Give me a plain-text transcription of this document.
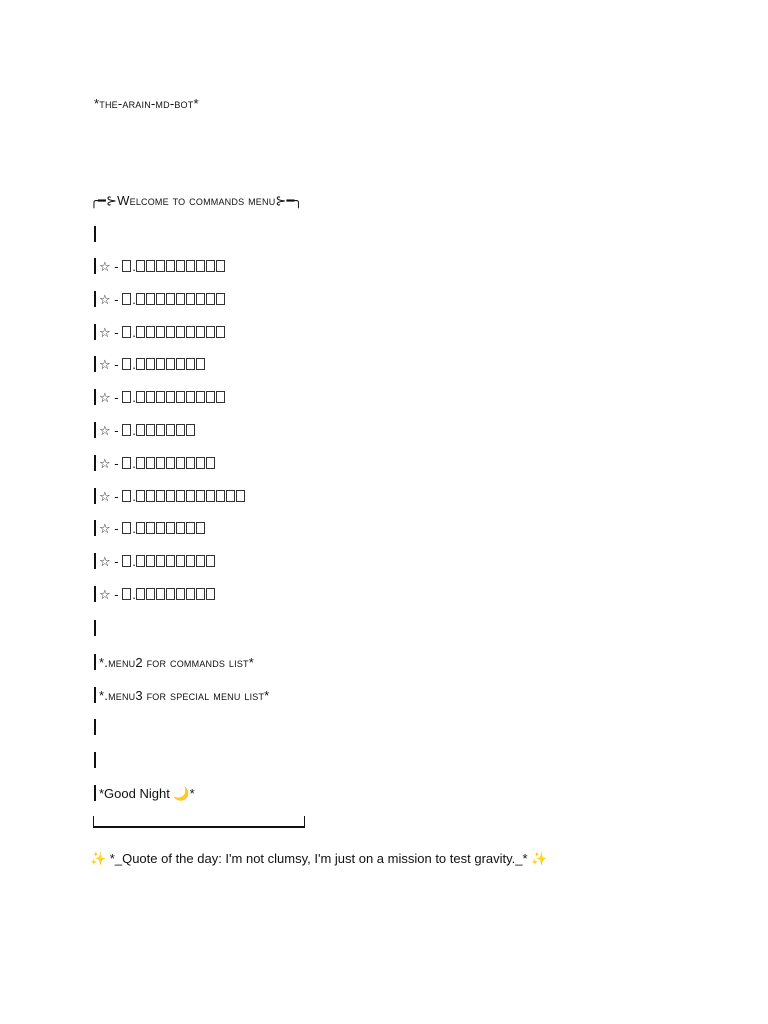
*the-arain-md-bot*
╭━⊱Welcome to commands menu⊱━╮
☆ - .
☆ - .
☆ - .
☆ - .
☆ - .
☆ - .
☆ - .
☆ - .
☆ - .
☆ - .
☆ - .
*.menu2 for commands list*
*.menu3 for special menu list*
*Good Night 🌙*
✨ *_Quote of the day: I'm not clumsy, I'm just on a mission to test gravity._* ✨
